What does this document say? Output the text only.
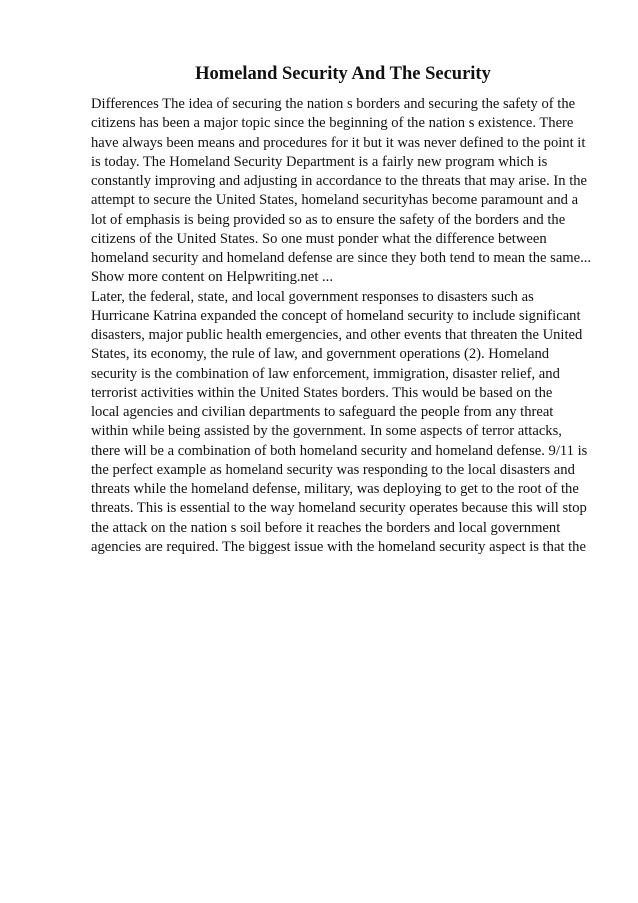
Homeland Security And The Security
Differences The idea of securing the nation s borders and securing the safety of the
citizens has been a major topic since the beginning of the nation s existence. There
have always been means and procedures for it but it was never defined to the point it
is today. The Homeland Security Department is a fairly new program which is
constantly improving and adjusting in accordance to the threats that may arise. In the
attempt to secure the United States, homeland securityhas become paramount and a
lot of emphasis is being provided so as to ensure the safety of the borders and the
citizens of the United States. So one must ponder what the difference between
homeland security and homeland defense are since they both tend to mean the same...
Show more content on Helpwriting.net ...
Later, the federal, state, and local government responses to disasters such as
Hurricane Katrina expanded the concept of homeland security to include significant
disasters, major public health emergencies, and other events that threaten the United
States, its economy, the rule of law, and government operations (2). Homeland
security is the combination of law enforcement, immigration, disaster relief, and
terrorist activities within the United States borders. This would be based on the
local agencies and civilian departments to safeguard the people from any threat
within while being assisted by the government. In some aspects of terror attacks,
there will be a combination of both homeland security and homeland defense. 9/11 is
the perfect example as homeland security was responding to the local disasters and
threats while the homeland defense, military, was deploying to get to the root of the
threats. This is essential to the way homeland security operates because this will stop
the attack on the nation s soil before it reaches the borders and local government
agencies are required. The biggest issue with the homeland security aspect is that the
